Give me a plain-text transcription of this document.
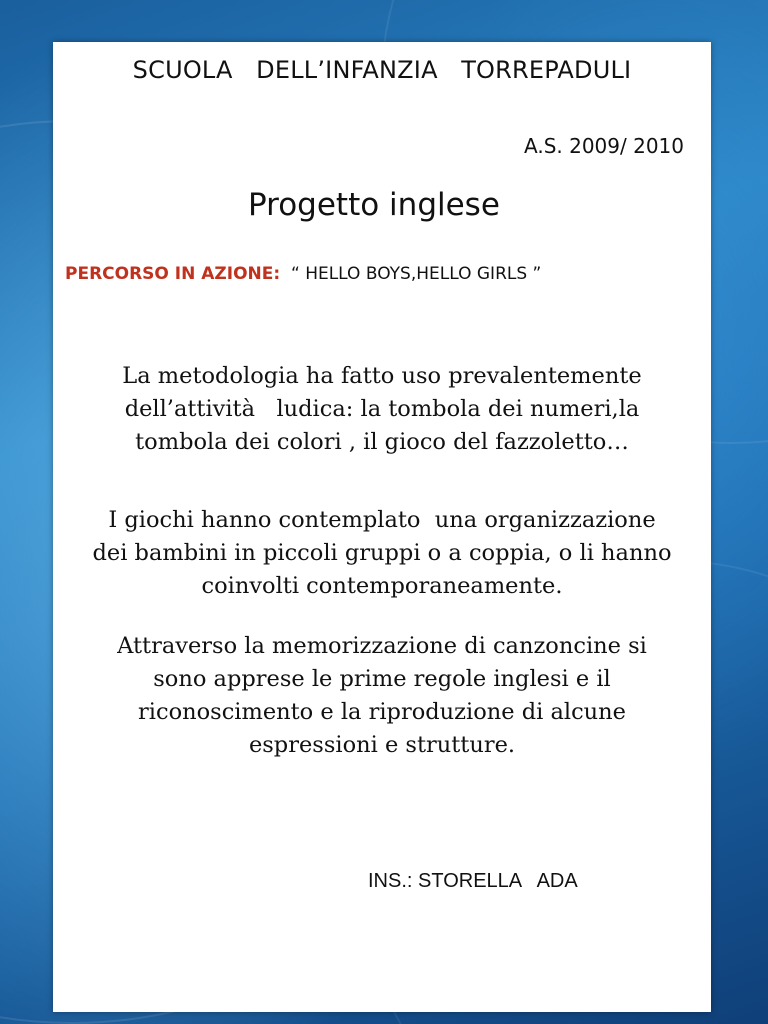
SCUOLA   DELL’INFANZIA   TORREPADULI
A.S. 2009/ 2010
Progetto inglese
PERCORSO IN AZIONE:  “ HELLO BOYS,HELLO GIRLS ”
La metodologia ha fatto uso prevalentemente
dell’attività   ludica: la tombola dei numeri,la
tombola dei colori , il gioco del fazzoletto…
I giochi hanno contemplato  una organizzazione
dei bambini in piccoli gruppi o a coppia, o li hanno
coinvolti contemporaneamente.
Attraverso la memorizzazione di canzoncine si
sono apprese le prime regole inglesi e il
riconoscimento e la riproduzione di alcune
espressioni e strutture.
INS.: STORELLA   ADA
